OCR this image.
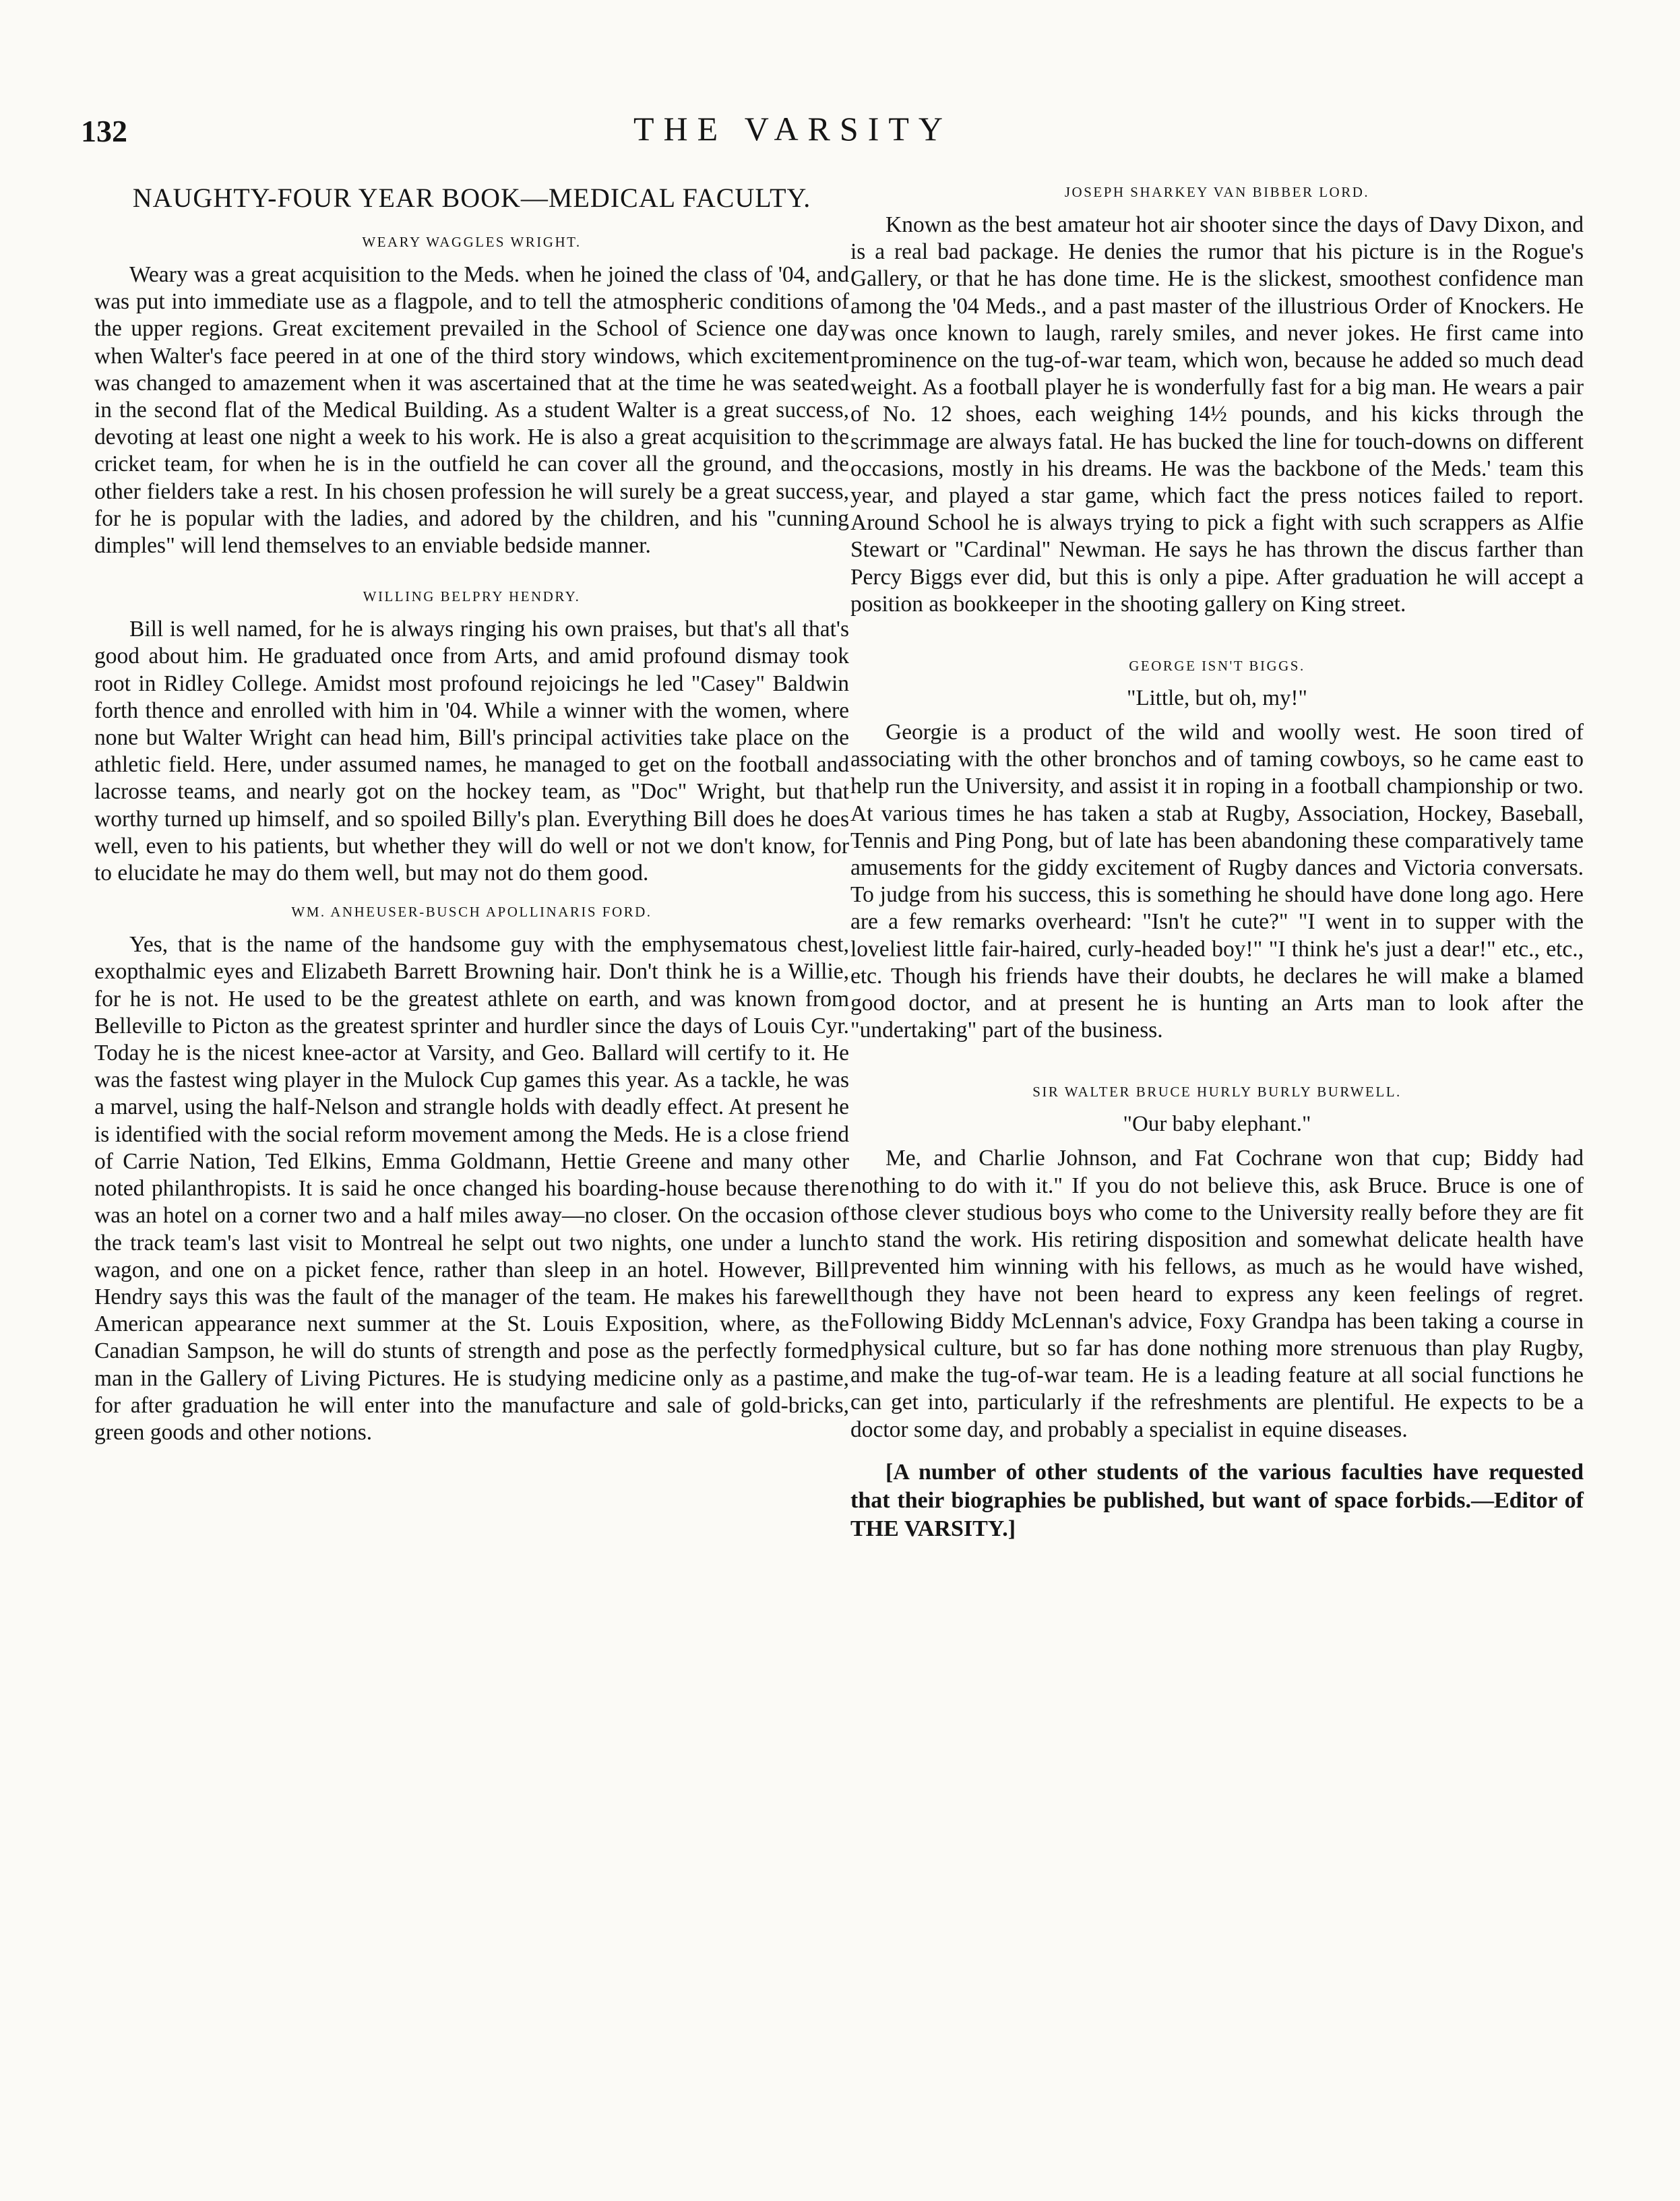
132	THE VARSITY
NAUGHTY-FOUR YEAR BOOK—MEDICAL FACULTY.
WEARY WAGGLES WRIGHT.

Weary was a great acquisition to the Meds. when he joined the class of '04, and was put into immediate use as a flagpole, and to tell the atmospheric conditions of the upper regions. Great excitement prevailed in the School of Science one day when Walter's face peered in at one of the third story windows, which excitement was changed to amazement when it was ascertained that at the time he was seated in the second flat of the Medical Building. As a student Walter is a great success, devoting at least one night a week to his work. He is also a great acquisition to the cricket team, for when he is in the outfield he can cover all the ground, and the other fielders take a rest. In his chosen profession he will surely be a great success, for he is popular with the ladies, and adored by the children, and his "cunning dimples" will lend themselves to an enviable bedside manner.

WILLING BELPRY HENDRY.

Bill is well named, for he is always ringing his own praises, but that's all that's good about him. He graduated once from Arts, and amid profound dismay took root in Ridley College. Amidst most profound rejoicings he led "Casey" Baldwin forth thence and enrolled with him in '04. While a winner with the women, where none but Walter Wright can head him, Bill's principal activities take place on the athletic field. Here, under assumed names, he managed to get on the football and lacrosse teams, and nearly got on the hockey team, as "Doc" Wright, but that worthy turned up himself, and so spoiled Billy's plan. Everything Bill does he does well, even to his patients, but whether they will do well or not we don't know, for to elucidate he may do them well, but may not do them good.

WM. ANHEUSER-BUSCH APOLLINARIS FORD.

Yes, that is the name of the handsome guy with the emphysematous chest, exopthalmic eyes and Elizabeth Barrett Browning hair. Don't think he is a Willie, for he is not. He used to be the greatest athlete on earth, and was known from Belleville to Picton as the greatest sprinter and hurdler since the days of Louis Cyr. Today he is the nicest knee-actor at Varsity, and Geo. Ballard will certify to it. He was the fastest wing player in the Mulock Cup games this year. As a tackle, he was a marvel, using the half-Nelson and strangle holds with deadly effect. At present he is identified with the social reform movement among the Meds. He is a close friend of Carrie Nation, Ted Elkins, Emma Goldmann, Hettie Greene and many other noted philanthropists. It is said he once changed his boarding-house because there was an hotel on a corner two and a half miles away—no closer. On the occasion of the track team's last visit to Montreal he selpt out two nights, one under a lunch wagon, and one on a picket fence, rather than sleep in an hotel. However, Bill Hendry says this was the fault of the manager of the team. He makes his farewell American appearance next summer at the St. Louis Exposition, where, as the Canadian Sampson, he will do stunts of strength and pose as the perfectly formed man in the Gallery of Living Pictures. He is studying medicine only as a pastime, for after graduation he will enter into the manufacture and sale of gold-bricks, green goods and other notions.

JOSEPH SHARKEY VAN BIBBER LORD.

Known as the best amateur hot air shooter since the days of Davy Dixon, and is a real bad package. He denies the rumor that his picture is in the Rogue's Gallery, or that he has done time. He is the slickest, smoothest confidence man among the '04 Meds., and a past master of the illustrious Order of Knockers. He was once known to laugh, rarely smiles, and never jokes. He first came into prominence on the tug-of-war team, which won, because he added so much dead weight. As a football player he is wonderfully fast for a big man. He wears a pair of No. 12 shoes, each weighing 14½ pounds, and his kicks through the scrimmage are always fatal. He has bucked the line for touch-downs on different occasions, mostly in his dreams. He was the backbone of the Meds.' team this year, and played a star game, which fact the press notices failed to report. Around School he is always trying to pick a fight with such scrappers as Alfie Stewart or "Cardinal" Newman. He says he has thrown the discus farther than Percy Biggs ever did, but this is only a pipe. After graduation he will accept a position as bookkeeper in the shooting gallery on King street.

GEORGE ISN'T BIGGS.
"Little, but oh, my!"

Georgie is a product of the wild and woolly west. He soon tired of associating with the other bronchos and of taming cowboys, so he came east to help run the University, and assist it in roping in a football championship or two. At various times he has taken a stab at Rugby, Association, Hockey, Baseball, Tennis and Ping Pong, but of late has been abandoning these comparatively tame amusements for the giddy excitement of Rugby dances and Victoria conversats. To judge from his success, this is something he should have done long ago. Here are a few remarks overheard: "Isn't he cute?" "I went in to supper with the loveliest little fair-haired, curly-headed boy!" "I think he's just a dear!" etc., etc., etc. Though his friends have their doubts, he declares he will make a blamed good doctor, and at present he is hunting an Arts man to look after the "undertaking" part of the business.

SIR WALTER BRUCE HURLY BURLY BURWELL.
"Our baby elephant."

Me, and Charlie Johnson, and Fat Cochrane won that cup; Biddy had nothing to do with it." If you do not believe this, ask Bruce. Bruce is one of those clever studious boys who come to the University really before they are fit to stand the work. His retiring disposition and somewhat delicate health have prevented him winning with his fellows, as much as he would have wished, though they have not been heard to express any keen feelings of regret. Following Biddy McLennan's advice, Foxy Grandpa has been taking a course in physical culture, but so far has done nothing more strenuous than play Rugby, and make the tug-of-war team. He is a leading feature at all social functions he can get into, particularly if the refreshments are plentiful. He expects to be a doctor some day, and probably a specialist in equine diseases.

[A number of other students of the various faculties have requested that their biographies be published, but want of space forbids.—Editor of THE VARSITY.]
